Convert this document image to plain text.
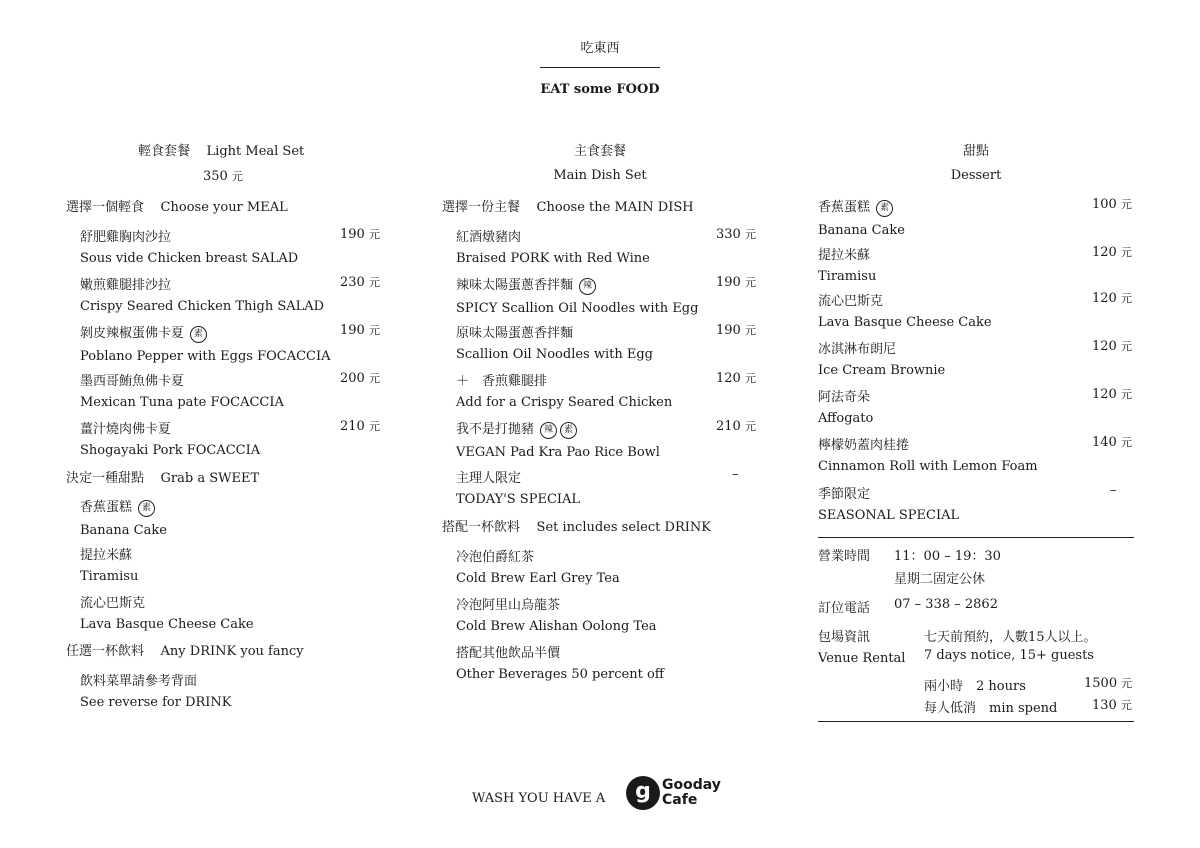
吃東西
EAT some FOOD
輕食套餐 Light Meal Set
350 元
選擇一個輕食 Choose your MEAL
舒肥雞胸肉沙拉
Sous vide Chicken breast SALAD
190 元
嫩煎雞腿排沙拉
Crispy Seared Chicken Thigh SALAD
230 元
剝皮辣椒蛋佛卡夏 素
Poblano Pepper with Eggs FOCACCIA
190 元
墨西哥鮪魚佛卡夏
Mexican Tuna pate FOCACCIA
200 元
薑汁燒肉佛卡夏
Shogayaki Pork FOCACCIA
210 元
決定一種甜點 Grab a SWEET
香蕉蛋糕 素
Banana Cake
提拉米蘇
Tiramisu
流心巴斯克
Lava Basque Cheese Cake
任選一杯飲料 Any DRINK you fancy
飲料菜單請參考背面
See reverse for DRINK
主食套餐
Main Dish Set
選擇一份主餐 Choose the MAIN DISH
紅酒燉豬肉
Braised PORK with Red Wine
330 元
辣味太陽蛋蔥香拌麵 辣
SPICY Scallion Oil Noodles with Egg
190 元
原味太陽蛋蔥香拌麵
Scallion Oil Noodles with Egg
190 元
＋　香煎雞腿排
Add for a Crispy Seared Chicken
120 元
我不是打拋豬 辣 素
VEGAN Pad Kra Pao Rice Bowl
210 元
主理人限定
TODAY'S SPECIAL
–
搭配一杯飲料 Set includes select DRINK
冷泡伯爵紅茶
Cold Brew Earl Grey Tea
冷泡阿里山烏龍茶
Cold Brew Alishan Oolong Tea
搭配其他飲品半價
Other Beverages 50 percent off
甜點
Dessert
香蕉蛋糕 素
Banana Cake
100 元
提拉米蘇
Tiramisu
120 元
流心巴斯克
Lava Basque Cheese Cake
120 元
冰淇淋布朗尼
Ice Cream Brownie
120 元
阿法奇朵
Affogato
120 元
檸檬奶蓋肉桂捲
Cinnamon Roll with Lemon Foam
140 元
季節限定
SEASONAL SPECIAL
–
營業時間 11：00 – 19：30
星期二固定公休
訂位電話 07 – 338 – 2862
包場資訊
Venue Rental
七天前預約，人數15人以上。
7 days notice, 15+ guests
兩小時　2 hours	1500 元
每人低消　min spend	130 元
WASH YOU HAVE A	g Gooday
Cafe
